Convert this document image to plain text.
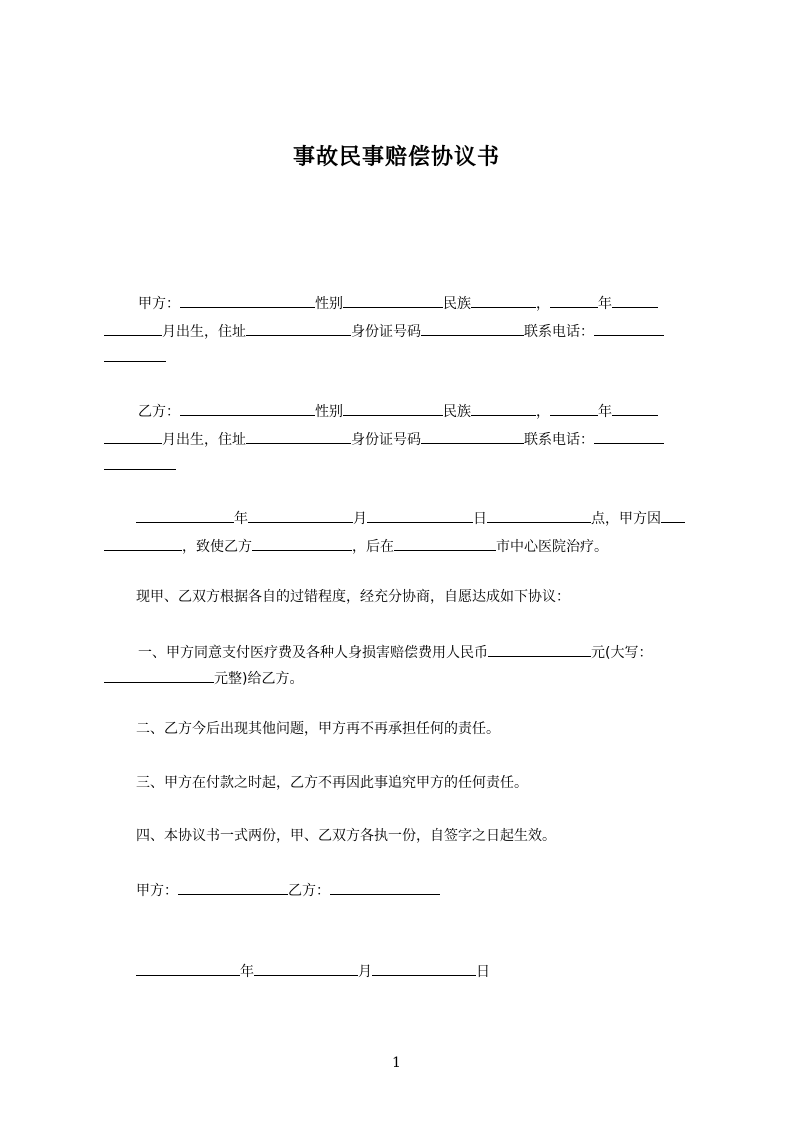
事故民事赔偿协议书
甲方：	性别	民族	，	年
月出生，住址	身份证号码	联系电话：
乙方：	性别	民族	，	年
月出生，住址	身份证号码	联系电话：
年	月	日	点，甲方因
，致使乙方	，后在	市中心医院治疗。
现甲、乙双方根据各自的过错程度，经充分协商，自愿达成如下协议：
一、甲方同意支付医疗费及各种人身损害赔偿费用人民币	元(大写：
元整)给乙方。
二、乙方今后出现其他问题，甲方再不再承担任何的责任。
三、甲方在付款之时起，乙方不再因此事追究甲方的任何责任。
四、本协议书一式两份，甲、乙双方各执一份，自签字之日起生效。
甲方：	乙方：
年	月	日
1
